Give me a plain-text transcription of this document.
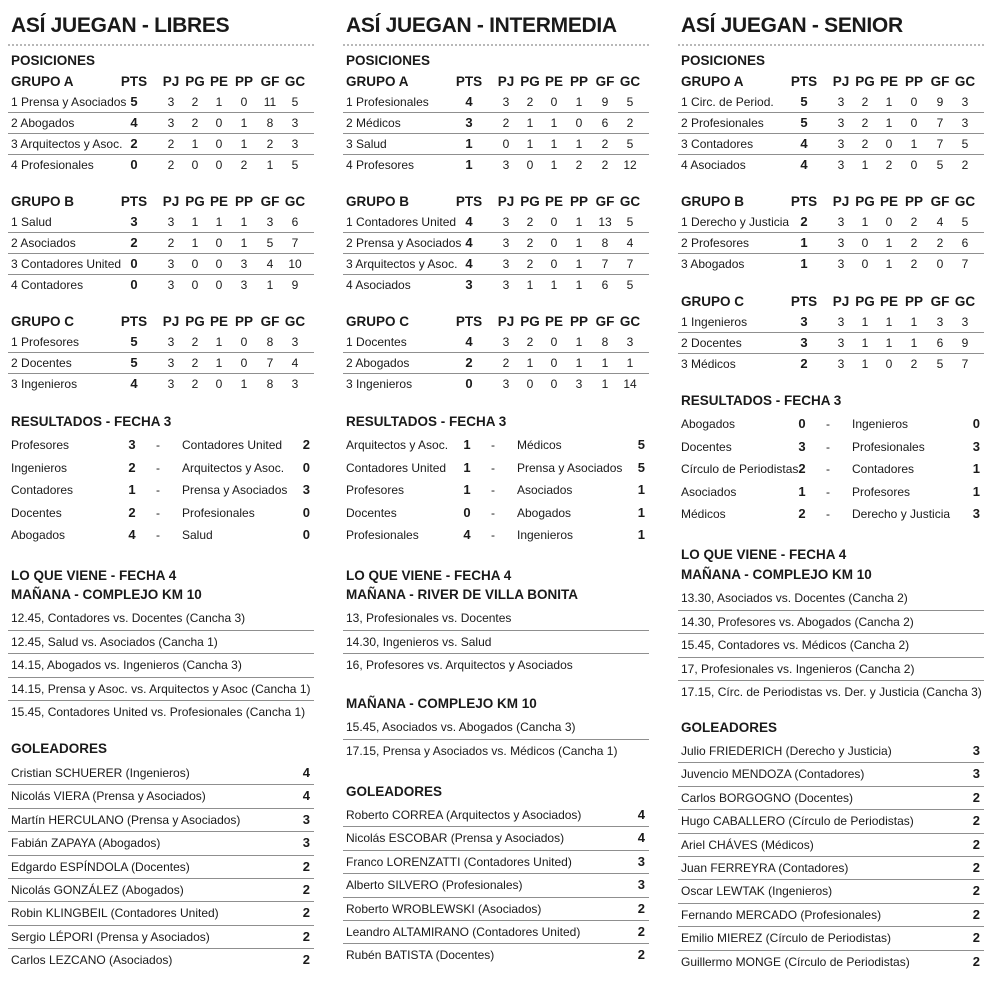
ASÍ JUEGAN - LIBRES
POSICIONES
GRUPO A	PTS	PJ PG PE PP GF GC
1 Prensa y Asociados 5	3	2	1	0	11	5
2 Abogados	4	3	2	0	1	8	3
3 Arquitectos y Asoc. 2	2	1	0	1	2	3
4 Profesionales	0	2	0	0	2	1	5
GRUPO B	PTS	PJ PG PE PP GF GC
1 Salud	3	3	1	1	1	3	6
2 Asociados	2	2	1	0	1	5	7
3 Contadores United 0	3	0	0	3	4	10
4 Contadores	0	3	0	0	3	1	9
GRUPO C	PTS	PJ PG PE PP GF GC
1 Profesores	5	3	2	1	0	8	3
2 Docentes	5	3	2	1	0	7	4
3 Ingenieros	4	3	2	0	1	8	3
RESULTADOS - FECHA 3
Profesores	3	- Contadores United 2
Ingenieros	2	- Arquitectos y Asoc. 0
Contadores	1	- Prensa y Asociados 3
Docentes	2	- Profesionales	0
Abogados	4	- Salud	0
LO QUE VIENE - FECHA 4
MAÑANA - COMPLEJO KM 10
12.45, Contadores vs. Docentes (Cancha 3)
12.45, Salud vs. Asociados (Cancha 1)
14.15, Abogados vs. Ingenieros (Cancha 3)
14.15, Prensa y Asoc. vs. Arquitectos y Asoc (Cancha 1)
15.45, Contadores United vs. Profesionales (Cancha 1)
GOLEADORES
Cristian SCHUERER (Ingenieros)	4
Nicolás VIERA (Prensa y Asociados)	4
Martín HERCULANO (Prensa y Asociados)	3
Fabián ZAPAYA (Abogados)	3
Edgardo ESPÍNDOLA (Docentes)	2
Nicolás GONZÁLEZ (Abogados)	2
Robin KLINGBEIL (Contadores United)	2
Sergio LÉPORI (Prensa y Asociados)	2
Carlos LEZCANO (Asociados)	2
ASÍ JUEGAN - INTERMEDIA
POSICIONES
GRUPO A	PTS	PJ PG PE PP GF GC
1 Profesionales	4	3	2	0	1	9	5
2 Médicos	3	2	1	1	0	6	2
3 Salud	1	0	1	1	1	2	5
4 Profesores	1	3	0	1	2	2	12
GRUPO B	PTS	PJ PG PE PP GF GC
1 Contadores United 4	3	2	0	1	13	5
2 Prensa y Asociados 4	3	2	0	1	8	4
3 Arquitectos y Asoc. 4	3	2	0	1	7	7
4 Asociados	3	3	1	1	1	6	5
GRUPO C	PTS	PJ PG PE PP GF GC
1 Docentes	4	3	2	0	1	8	3
2 Abogados	2	2	1	0	1	1	1
3 Ingenieros	0	3	0	0	3	1	14
RESULTADOS - FECHA 3
Arquitectos y Asoc.	1	- Médicos	5
Contadores United	1	- Prensa y Asociados 5
Profesores	1	- Asociados	1
Docentes	0	- Abogados	1
Profesionales	4	- Ingenieros	1
LO QUE VIENE - FECHA 4
MAÑANA - RIVER DE VILLA BONITA
13, Profesionales vs. Docentes
14.30, Ingenieros vs. Salud
16, Profesores vs. Arquitectos y Asociados
MAÑANA - COMPLEJO KM 10
15.45, Asociados vs. Abogados (Cancha 3)
17.15, Prensa y Asociados vs. Médicos (Cancha 1)
GOLEADORES
Roberto CORREA (Arquitectos y Asociados)	4
Nicolás ESCOBAR (Prensa y Asociados)	4
Franco LORENZATTI (Contadores United)	3
Alberto SILVERO (Profesionales)	3
Roberto WROBLEWSKI (Asociados)	2
Leandro ALTAMIRANO (Contadores United)	2
Rubén BATISTA (Docentes)	2
ASÍ JUEGAN - SENIOR
POSICIONES
GRUPO A	PTS	PJ PG PE PP GF GC
1 Circ. de Period.	5	3	2	1	0	9	3
2 Profesionales	5	3	2	1	0	7	3
3 Contadores	4	3	2	0	1	7	5
4 Asociados	4	3	1	2	0	5	2
GRUPO B	PTS	PJ PG PE PP GF GC
1 Derecho y Justicia 2	3	1	0	2	4	5
2 Profesores	1	3	0	1	2	2	6
3 Abogados	1	3	0	1	2	0	7
GRUPO C	PTS	PJ PG PE PP GF GC
1 Ingenieros	3	3	1	1	1	3	3
2 Docentes	3	3	1	1	1	6	9
3 Médicos	2	3	1	0	2	5	7
RESULTADOS - FECHA 3
Abogados	0	- Ingenieros	0
Docentes	3	- Profesionales	3
Círculo de Periodistas 2	- Contadores	1
Asociados	1	- Profesores	1
Médicos	2	- Derecho y Justicia 3
LO QUE VIENE - FECHA 4
MAÑANA - COMPLEJO KM 10
13.30, Asociados vs. Docentes (Cancha 2)
14.30, Profesores vs. Abogados (Cancha 2)
15.45, Contadores vs. Médicos (Cancha 2)
17, Profesionales vs. Ingenieros (Cancha 2)
17.15, Círc. de Periodistas vs. Der. y Justicia (Cancha 3)
GOLEADORES
Julio FRIEDERICH (Derecho y Justicia)	3
Juvencio MENDOZA (Contadores)	3
Carlos BORGOGNO (Docentes)	2
Hugo CABALLERO (Círculo de Periodistas)	2
Ariel CHÁVES (Médicos)	2
Juan FERREYRA (Contadores)	2
Oscar LEWTAK (Ingenieros)	2
Fernando MERCADO (Profesionales)	2
Emilio MIEREZ (Círculo de Periodistas)	2
Guillermo MONGE (Círculo de Periodistas)	2
